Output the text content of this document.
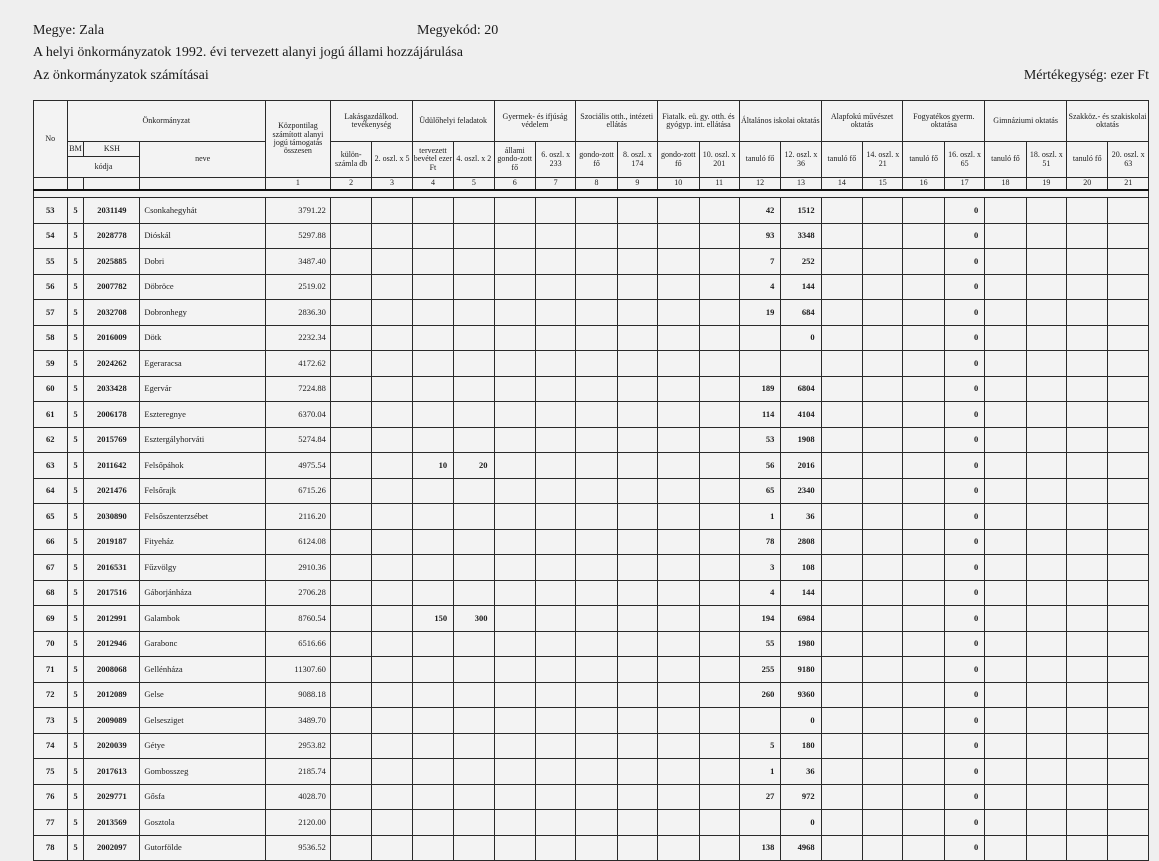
Megye: Zala	Megyekód: 20
A helyi önkormányzatok 1992. évi tervezett alanyi jogú állami hozzájárulása
Az önkormányzatok számításai	Mértékegység: ezer Ft
No	Önkormányzat			Központilag számított alanyi jogú támogatás összesen	Lakásgazdálkod. tevékenység		Üdülőhelyi feladatok		Gyermek- és ifjúság védelem		Szociális otth., intézeti ellátás		Fiatalk. eü. gy. otth. és gyógyp. int. ellátása		Általános iskolai oktatás		Alapfokú művészet oktatás		Fogyatékos gyerm. oktatása		Gimnáziumi oktatás		Szakköz.- és szakiskolai oktatás	
	BM	KSH	neve		külön-számla db	2. oszl. x 5	tervezett bevétel ezer Ft	4. oszl. x 2	állami gondo-zott fő	6. oszl. x 233	gondo-zott fő	8. oszl. x 174	gondo-zott fő	10. oszl. x 201	tanuló fő	12. oszl. x 36	tanuló fő	14. oszl. x 21	tanuló fő	16. oszl. x 65	tanuló fő	18. oszl. x 51	tanuló fő	20. oszl. x 63
	kódja																							
				1	2	3	4	5	6	7	8	9	10	11	12	13	14	15	16	17	18	19	20	21

53	5	2031149	Csonkahegyhát	3791.22											42	1512				0				
54	5	2028778	Dióskál	5297.88											93	3348				0				
55	5	2025885	Dobri	3487.40											7	252				0				
56	5	2007782	Döbröce	2519.02											4	144				0				
57	5	2032708	Dobronhegy	2836.30											19	684				0				
58	5	2016009	Dötk	2232.34												0				0				
59	5	2024262	Egeraracsa	4172.62																0				
60	5	2033428	Egervár	7224.88											189	6804				0				
61	5	2006178	Eszteregnye	6370.04											114	4104				0				
62	5	2015769	Esztergályhorváti	5274.84											53	1908				0				
63	5	2011642	Felsőpáhok	4975.54			10	20							56	2016				0				
64	5	2021476	Felsőrajk	6715.26											65	2340				0				
65	5	2030890	Felsőszenterzsébet	2116.20											1	36				0				
66	5	2019187	Fityeház	6124.08											78	2808				0				
67	5	2016531	Fűzvölgy	2910.36											3	108				0				
68	5	2017516	Gáborjánháza	2706.28											4	144				0				
69	5	2012991	Galambok	8760.54			150	300							194	6984				0				
70	5	2012946	Garabonc	6516.66											55	1980				0				
71	5	2008068	Gellénháza	11307.60											255	9180				0				
72	5	2012089	Gelse	9088.18											260	9360				0				
73	5	2009089	Gelsesziget	3489.70												0				0				
74	5	2020039	Gétye	2953.82											5	180				0				
75	5	2017613	Gombosszeg	2185.74											1	36				0				
76	5	2029771	Gősfa	4028.70											27	972				0				
77	5	2013569	Gosztola	2120.00												0				0				
78	5	2002097	Gutorfölde	9536.52											138	4968				0				
